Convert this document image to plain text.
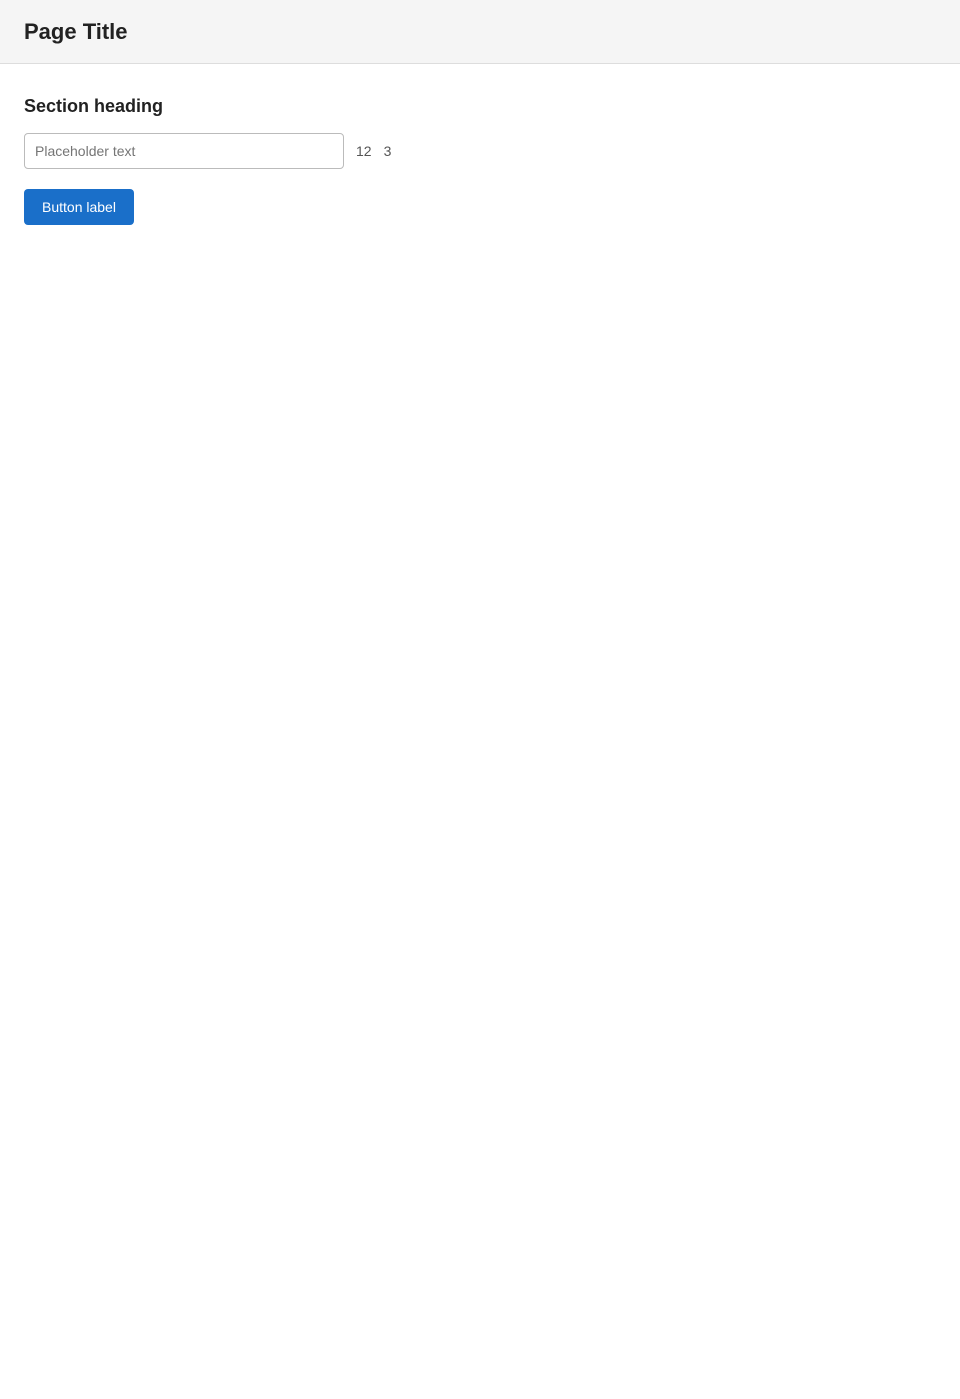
Page Title
Section heading
Placeholder text
12 3
Button label
